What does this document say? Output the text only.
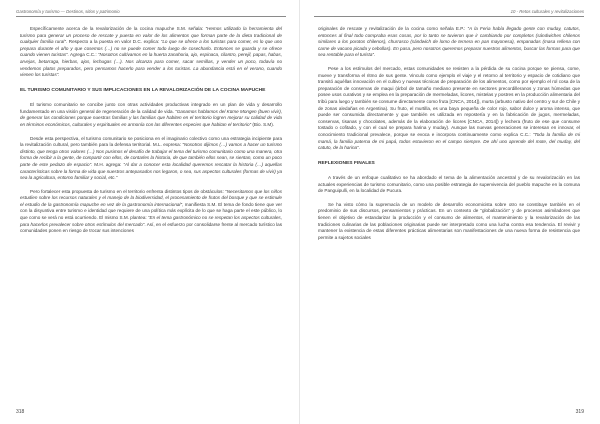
Gastronomía y turismo — Destinos, sitios y patrimonio

Específicamente acerca de la revalorización de la cocina mapuche S.M. señala: “Hemos utilizado la herramienta del turismo para generar un proceso de rescate y puesta en valor de los alimentos que forman parte de la dieta tradicional de cualquier familia rural”. Respecto a la puesta en valor D.C. explica: “Lo que se ofrece a los turistas para comer, es lo que uno prepara durante el año y que cosemos (…) no se puede comer todo luego de cosecharlo. Entonces se guarda y se ofrece cuando vienen turistas”. Agrega C.C.: “Nosotros cultivamos en la huerta zanahoria, ajo, espinaca, cilantro, perejil, papas, habas, arvejas, betarraga, hierbas, ajos, lechugas (…). Nos alcanza para comer, sacar semillas, y vender un poco, todavía no vendemos platos preparados, pero pensamos hacerlo para vender a los turistas. La abundancia está en el verano, cuando vienen los turistas”.

EL TURISMO COMUNITARIO Y SUS IMPLICACIONES EN LA REVALORIZACIÓN DE LA COCINA MAPUCHE

El turismo comunitario se concibe junto con otras actividades productivas integrado en un plan de vida y desarrollo fundamentado en una visión general de regeneración de la calidad de vida. “Ganamos hablamos del Küme Mongen (buen vivir), de generar las condiciones porque nuestras familias y las familias que habiten en el territorio logren mejorar su calidad de vida en términos económicos, culturales y espirituales en armonía con las diferentes especies que habitan el territorio” (Bio. S.M).

Desde esta perspectiva, el turismo comunitario se posiciona en el imaginario colectivo como una estrategia incipiente para la revitalización cultural, pero también para la defensa territorial. M.L. expresa: “Nosotros dijimos (…) vamos a hacer un turismo distinto, que tenga otros valores (…) Nos pusimos el desafío de trabajar el tema del turismo comunitario como una manera, otra forma de recibir a la gente, de compartir con ellos, de contarles la historia, de que también ellos sean, se sientan, como un poco parte de este pedazo de espacio”. M.H. agrega: “Al dar a conocer esta localidad queremos rescatar la historia (…) aquellas características sobre la forma de vida que nuestros antepasados nos legaron, o sea, sus aspectos culturales (formas de vivir) ya sea la agricultura, entorno familiar y social, etc.”

Pero fortalecer esta propuesta de turismo en el territorio enfrenta distintos tipos de obstáculos: “Necesitamos que los niños estudien sobre los recursos naturales y el manejo de la biodiversidad, el procesamiento de frutos del bosque y que se estimule el estudio de la gastronomía mapuche en vez de la gastronomía internacional”, manifiesta S.M. El tema de fondo tiene que ver con la disyuntiva entre turismo e identidad que requiere de una política más explícita de lo que se haga parte el este público, lo que como se verá no está ocurriendo. El mismo S.M. plantea: “En el tema gastronómico no se respetan los aspectos culturales, para hacerlos prevalecer sobre otros estímulos del mercado”. Así, en el esfuerzo por consolidarse frente al mercado turístico las comunidades ponen en riesgo de trocar sus intenciones

318
10 - Retos culturales y revitalizaciones

originales de rescate y revitalización de la cocina como señala E.P.: “A la Feria había llegado gente con muday, catutos, entonces al final todo compraba esas cosas, por lo tanto se tuvieron que ir cambiando por completos (sándwiches chilenos similares a los porotos chilenos), churrasco (sándwich de lomo de ternera en pan mayonesa), empanadas (masa rellena con carne de vacuno picada y cebollas). En pasa, pero nosotros queremos preparar nuestros alimentos, buscar las formas para que sea rentable para el turista”.

Pese a los estímulos del mercado, estas comunidades se resisten a la pérdida de su cocina porque se piensa, come, mueve y transforma el ritmo de sus gente. Vinculo como ejemplo el viaje y el retorno al territorio y espacio de cotidiano que transitó aquéllas innovación en el cultivo y nuevas técnicas de preparación de los alimentos, como por ejemplo el rol cosa de la preparación de conservas de maqui (árbol de tamaño mediano presente en sectores precordilleranos y zonas húmedas que posee usos curativos y se emplea en la preparación de mermeladas, licores, mistelas y postres en la producción alimentaria del tribú para luego y también se consume directamente como fruta [CNCA, 2014]), murta (arbusto nativo del centro y sur de Chile y de zonas aledañas en Argentina). Su fruto, el murtilla, es una baya pequeña de color rojo, sabor dulce y aroma intenso, que puede ser consumida directamente y que también es utilizada en repostería y en la fabricación de jugos, mermeladas, conservas, tisanas y chocolates, además de la elaboración de licores [CNCA, 2014]) y lechera (fruto de ese que consume tostado o cofitado, y con el cual se prepara harina y muday). Aunque las nuevas generaciones se interesan en innovar, el conocimiento tradicional prevalece, porque se evoca e incorpora continuamente como explica C.C.: “Toda la familia de mi mamá, la familia paterna de mi papá, todos estuvieron en el campo siempre. De ahí uno aprende del mote, del muday, del catuto, de la harina”.

REFLEXIONES FINALES

A través de un enfoque cualitativo se ha abordado el tema de la alimentación ancestral y de su revalorización en las actuales experiencias de turismo comunitario, como una posible estrategia de supervivencia del pueblo mapuche en la comuna de Panguipulli, en la localidad de Pucura.

Se ha visto cómo la supremacía de un modelo de desarrollo economicista sobre otro se constituye también en el predominio de sus discursos, pensamientos y prácticas. En un contexto de “globalización” y de procesos asimiladores que tienen el objetivo de estandarizar la producción y el consumo de alimentos, el mantenimiento y la revalorización de las tradiciones culinarias de las poblaciones originarias puede ser interpretado como una lucha contra esa tendencia. El revivir y mantener la existencia de estas diferentes prácticas alimentarias son manifestaciones de una nueva forma de resistencia que permite a sujetos sociales

319
